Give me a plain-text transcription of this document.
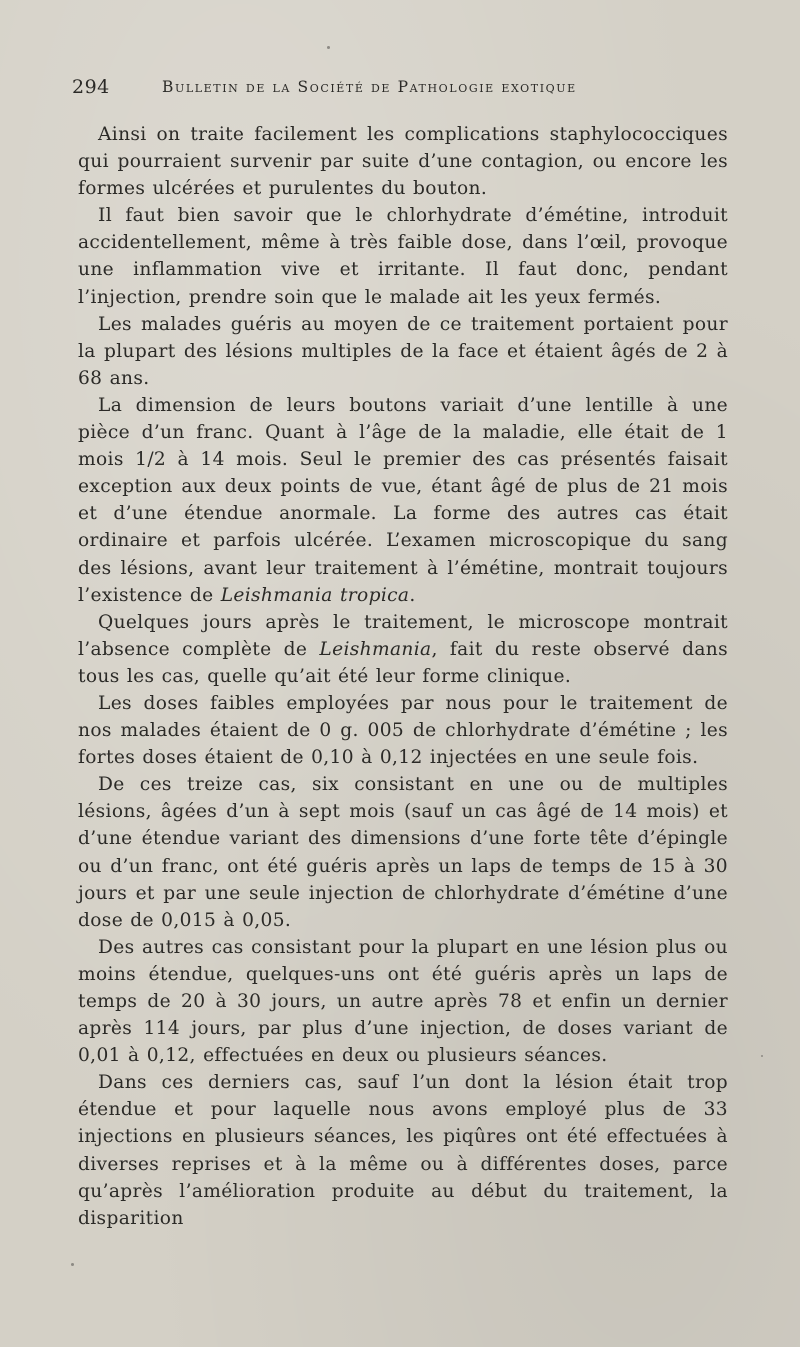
294	Bulletin de la Société de Pathologie exotique

Ainsi on traite facilement les complications staphylococciques qui pourraient survenir par suite d’une contagion, ou encore les formes ulcérées et purulentes du bouton.

Il faut bien savoir que le chlorhydrate d’émétine, introduit accidentellement, même à très faible dose, dans l’œil, provoque une inflammation vive et irritante. Il faut donc, pendant l’injection, prendre soin que le malade ait les yeux fermés.

Les malades guéris au moyen de ce traitement portaient pour la plupart des lésions multiples de la face et étaient âgés de 2 à 68 ans.

La dimension de leurs boutons variait d’une lentille à une pièce d’un franc. Quant à l’âge de la maladie, elle était de 1 mois 1/2 à 14 mois. Seul le premier des cas présentés faisait exception aux deux points de vue, étant âgé de plus de 21 mois et d’une étendue anormale. La forme des autres cas était ordinaire et parfois ulcérée. L’examen microscopique du sang des lésions, avant leur traitement à l’émétine, montrait toujours l’existence de Leishmania tropica.

Quelques jours après le traitement, le microscope montrait l’absence complète de Leishmania, fait du reste observé dans tous les cas, quelle qu’ait été leur forme clinique.

Les doses faibles employées par nous pour le traitement de nos malades étaient de 0 g. 005 de chlorhydrate d’émétine ; les fortes doses étaient de 0,10 à 0,12 injectées en une seule fois.

De ces treize cas, six consistant en une ou de multiples lésions, âgées d’un à sept mois (sauf un cas âgé de 14 mois) et d’une étendue variant des dimensions d’une forte tête d’épingle ou d’un franc, ont été guéris après un laps de temps de 15 à 30 jours et par une seule injection de chlorhydrate d’émétine d’une dose de 0,015 à 0,05.

Des autres cas consistant pour la plupart en une lésion plus ou moins étendue, quelques-uns ont été guéris après un laps de temps de 20 à 30 jours, un autre après 78 et enfin un dernier après 114 jours, par plus d’une injection, de doses variant de 0,01 à 0,12, effectuées en deux ou plusieurs séances.

Dans ces derniers cas, sauf l’un dont la lésion était trop étendue et pour laquelle nous avons employé plus de 33 injections en plusieurs séances, les piqûres ont été effectuées à diverses reprises et à la même ou à différentes doses, parce qu’après l’amélioration produite au début du traitement, la disparition
